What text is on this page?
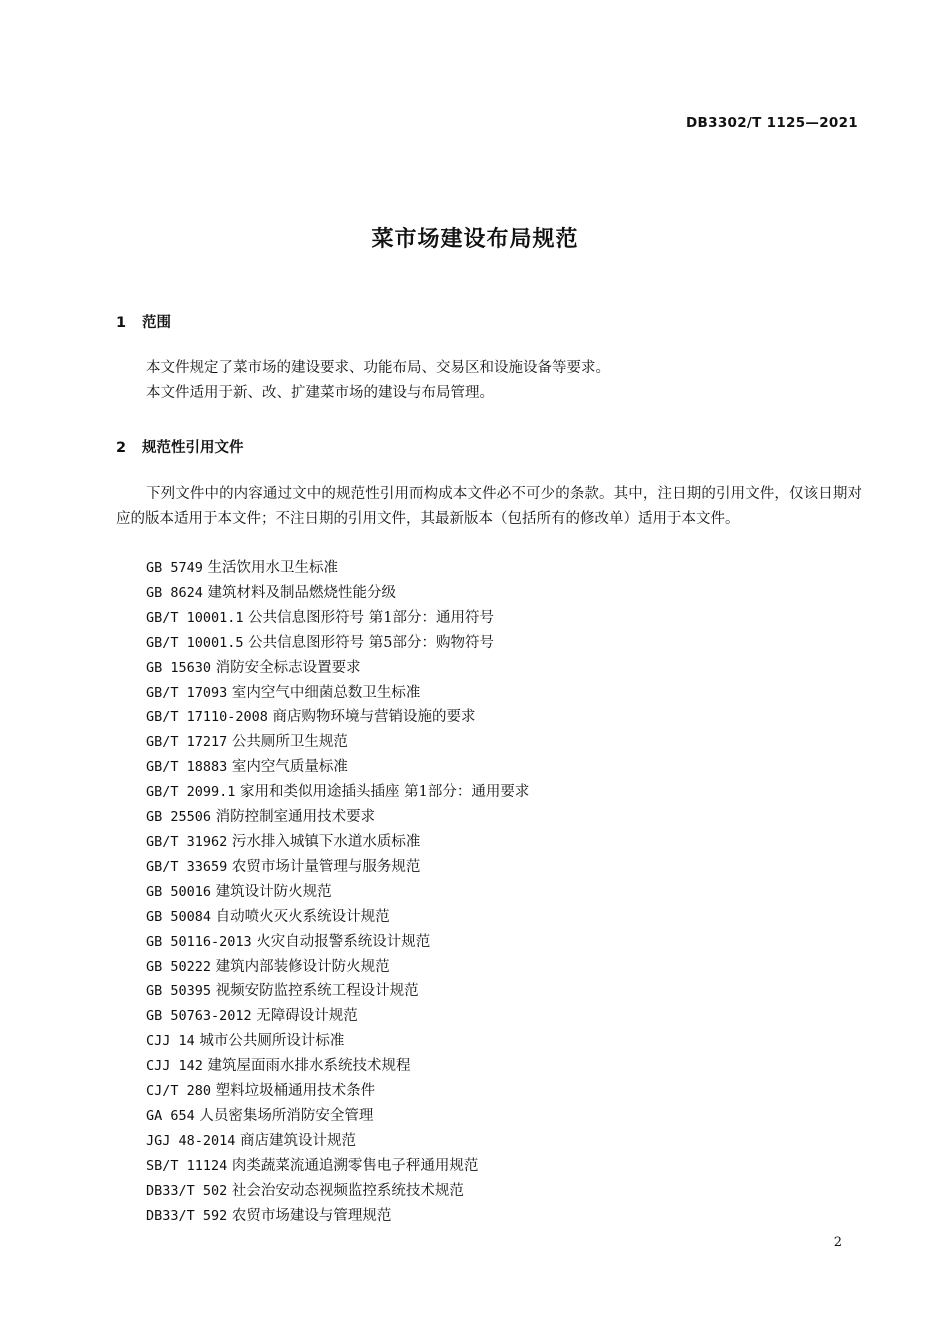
DB3302/T 1125—2021
菜市场建设布局规范
1 范围

本文件规定了菜市场的建设要求、功能布局、交易区和设施设备等要求。

本文件适用于新、改、扩建菜市场的建设与布局管理。

2 规范性引用文件

下列文件中的内容通过文中的规范性引用而构成本文件必不可少的条款。其中，注日期的引用文件，仅该日期对应的版本适用于本文件；不注日期的引用文件，其最新版本（包括所有的修改单）适用于本文件。

GB 5749 生活饮用水卫生标准
GB 8624 建筑材料及制品燃烧性能分级
GB/T 10001.1 公共信息图形符号 第1部分：通用符号
GB/T 10001.5 公共信息图形符号 第5部分：购物符号
GB 15630 消防安全标志设置要求
GB/T 17093 室内空气中细菌总数卫生标准
GB/T 17110-2008 商店购物环境与营销设施的要求
GB/T 17217 公共厕所卫生规范
GB/T 18883 室内空气质量标准
GB/T 2099.1 家用和类似用途插头插座 第1部分：通用要求
GB 25506 消防控制室通用技术要求
GB/T 31962 污水排入城镇下水道水质标准
GB/T 33659 农贸市场计量管理与服务规范
GB 50016 建筑设计防火规范
GB 50084 自动喷火灭火系统设计规范
GB 50116-2013 火灾自动报警系统设计规范
GB 50222 建筑内部装修设计防火规范
GB 50395 视频安防监控系统工程设计规范
GB 50763-2012 无障碍设计规范
CJJ 14 城市公共厕所设计标准
CJJ 142 建筑屋面雨水排水系统技术规程
CJ/T 280 塑料垃圾桶通用技术条件
GA 654 人员密集场所消防安全管理
JGJ 48-2014 商店建筑设计规范
SB/T 11124 肉类蔬菜流通追溯零售电子秤通用规范
DB33/T 502 社会治安动态视频监控系统技术规范
DB33/T 592 农贸市场建设与管理规范
2
